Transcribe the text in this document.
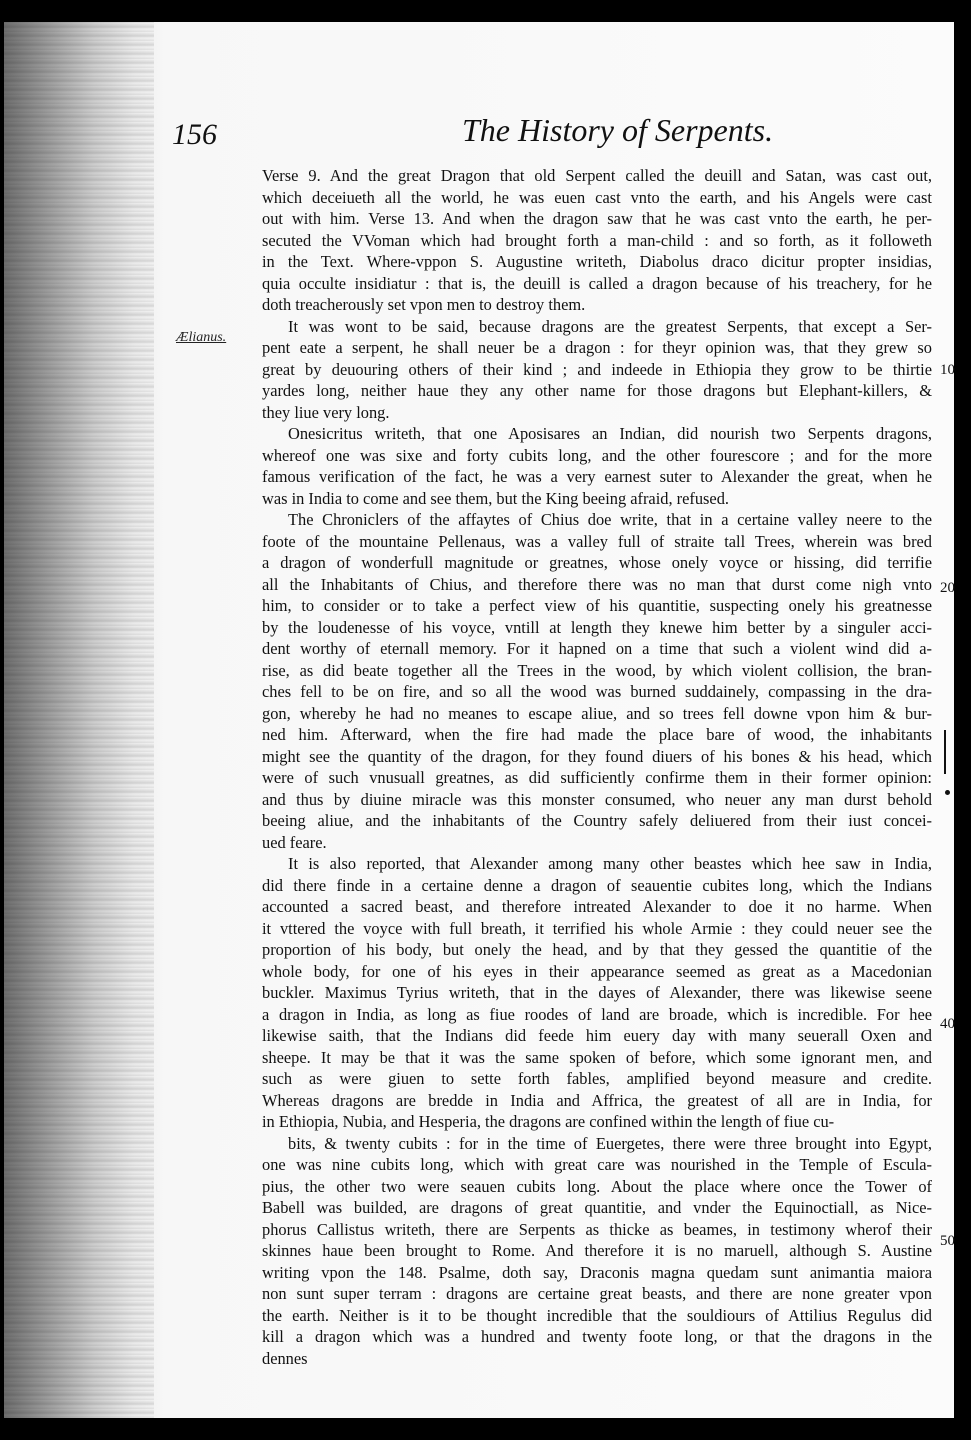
156	The History of Serpents.
Ælianus.
10
20
40
50
Verse 9. And the great Dragon that old Serpent called the deuill and Satan, was cast out,
which deceiueth all the world, he was euen cast vnto the earth, and his Angels were cast
out with him. Verse 13. And when the dragon saw that he was cast vnto the earth, he per-
secuted the VVoman which had brought forth a man-child : and so forth, as it followeth
in the Text. Where-vppon S. Augustine writeth, Diabolus draco dicitur propter insidias,
quia occulte insidiatur : that is, the deuill is called a dragon because of his treachery, for he
doth treacherously set vpon men to destroy them.
It was wont to be said, because dragons are the greatest Serpents, that except a Ser-
pent eate a serpent, he shall neuer be a dragon : for theyr opinion was, that they grew so
great by deuouring others of their kind ; and indeede in Ethiopia they grow to be thirtie
yardes long, neither haue they any other name for those dragons but Elephant-killers, &
they liue very long.
Onesicritus writeth, that one Aposisares an Indian, did nourish two Serpents dragons,
whereof one was sixe and forty cubits long, and the other fourescore ; and for the more
famous verification of the fact, he was a very earnest suter to Alexander the great, when he
was in India to come and see them, but the King beeing afraid, refused.
The Chroniclers of the affaytes of Chius doe write, that in a certaine valley neere to the
foote of the mountaine Pellenaus, was a valley full of straite tall Trees, wherein was bred
a dragon of wonderfull magnitude or greatnes, whose onely voyce or hissing, did terrifie
all the Inhabitants of Chius, and therefore there was no man that durst come nigh vnto
him, to consider or to take a perfect view of his quantitie, suspecting onely his greatnesse
by the loudenesse of his voyce, vntill at length they knewe him better by a singuler acci-
dent worthy of eternall memory. For it hapned on a time that such a violent wind did a-
rise, as did beate together all the Trees in the wood, by which violent collision, the bran-
ches fell to be on fire, and so all the wood was burned suddainely, compassing in the dra-
gon, whereby he had no meanes to escape aliue, and so trees fell downe vpon him & bur-
ned him. Afterward, when the fire had made the place bare of wood, the inhabitants
might see the quantity of the dragon, for they found diuers of his bones & his head, which
were of such vnusuall greatnes, as did sufficiently confirme them in their former opinion:
and thus by diuine miracle was this monster consumed, who neuer any man durst behold
beeing aliue, and the inhabitants of the Country safely deliuered from their iust concei-
ued feare.
It is also reported, that Alexander among many other beastes which hee saw in India,
did there finde in a certaine denne a dragon of seauentie cubites long, which the Indians
accounted a sacred beast, and therefore intreated Alexander to doe it no harme. When
it vttered the voyce with full breath, it terrified his whole Armie : they could neuer see the
proportion of his body, but onely the head, and by that they gessed the quantitie of the
whole body, for one of his eyes in their appearance seemed as great as a Macedonian
buckler. Maximus Tyrius writeth, that in the dayes of Alexander, there was likewise seene
a dragon in India, as long as fiue roodes of land are broade, which is incredible. For hee
likewise saith, that the Indians did feede him euery day with many seuerall Oxen and
sheepe. It may be that it was the same spoken of before, which some ignorant men, and
such as were giuen to sette forth fables, amplified beyond measure and credite.
Whereas dragons are bredde in India and Affrica, the greatest of all are in India, for
in Ethiopia, Nubia, and Hesperia, the dragons are confined within the length of fiue cu-
bits, & twenty cubits : for in the time of Euergetes, there were three brought into Egypt,
one was nine cubits long, which with great care was nourished in the Temple of Escula-
pius, the other two were seauen cubits long. About the place where once the Tower of
Babell was builded, are dragons of great quantitie, and vnder the Equinoctiall, as Nice-
phorus Callistus writeth, there are Serpents as thicke as beames, in testimony wherof their
skinnes haue been brought to Rome. And therefore it is no maruell, although S. Austine
writing vpon the 148. Psalme, doth say, Draconis magna quedam sunt animantia maiora
non sunt super terram : dragons are certaine great beasts, and there are none greater vpon
the earth. Neither is it to be thought incredible that the souldiours of Attilius Regulus did
kill a dragon which was a hundred and twenty foote long, or that the dragons in the
dennes
